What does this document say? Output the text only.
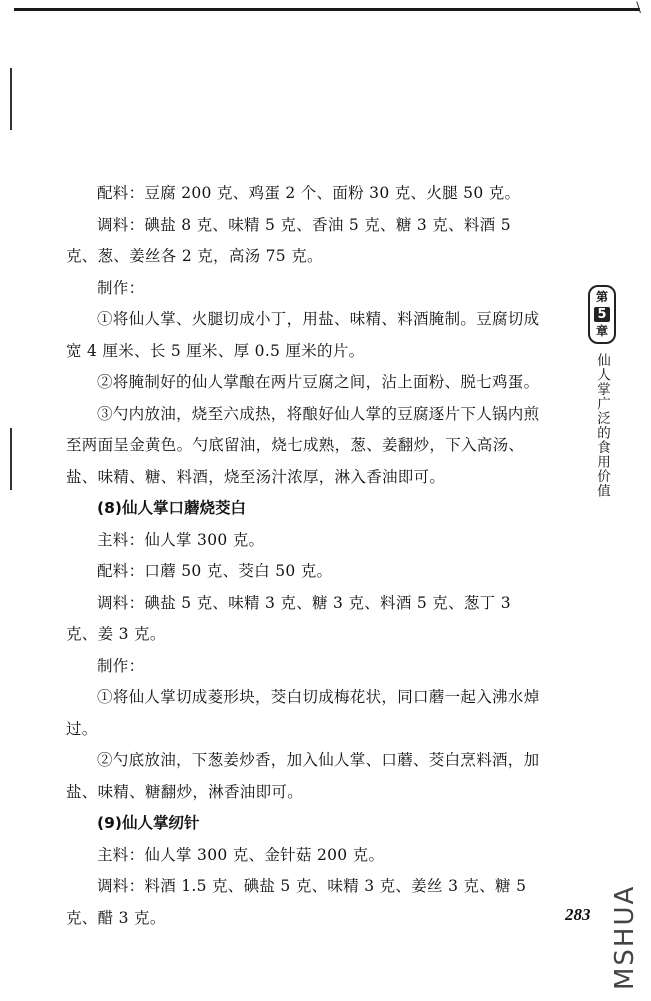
\

配料：豆腐 200 克、鸡蛋 2 个、面粉 30 克、火腿 50 克。

调料：碘盐 8 克、味精 5 克、香油 5 克、糖 3 克、料酒 5 克、葱、姜丝各 2 克，高汤 75 克。

制作：

①将仙人掌、火腿切成小丁，用盐、味精、料酒腌制。豆腐切成宽 4 厘米、长 5 厘米、厚 0.5 厘米的片。

②将腌制好的仙人掌酿在两片豆腐之间，沾上面粉、脱七鸡蛋。

③勺内放油，烧至六成热，将酿好仙人掌的豆腐逐片下人锅内煎至两面呈金黄色。勺底留油，烧七成熟，葱、姜翻炒，下入高汤、盐、味精、糖、料酒，烧至汤汁浓厚，淋入香油即可。

(8)仙人掌口蘑烧茭白

主料：仙人掌 300 克。

配料：口蘑 50 克、茭白 50 克。

调料：碘盐 5 克、味精 3 克、糖 3 克、料酒 5 克、葱丁 3 克、姜 3 克。

制作：

①将仙人掌切成菱形块，茭白切成梅花状，同口蘑一起入沸水焯过。

②勺底放油，下葱姜炒香，加入仙人掌、口蘑、茭白烹料酒，加盐、味精、糖翻炒，淋香油即可。

(9)仙人掌纫针

主料：仙人掌 300 克、金针菇 200 克。

调料：料酒 1.5 克、碘盐 5 克、味精 3 克、姜丝 3 克、糖 5 克、醋 3 克。

第
5
章
仙人掌广泛的食用价值
283 MSHUA
